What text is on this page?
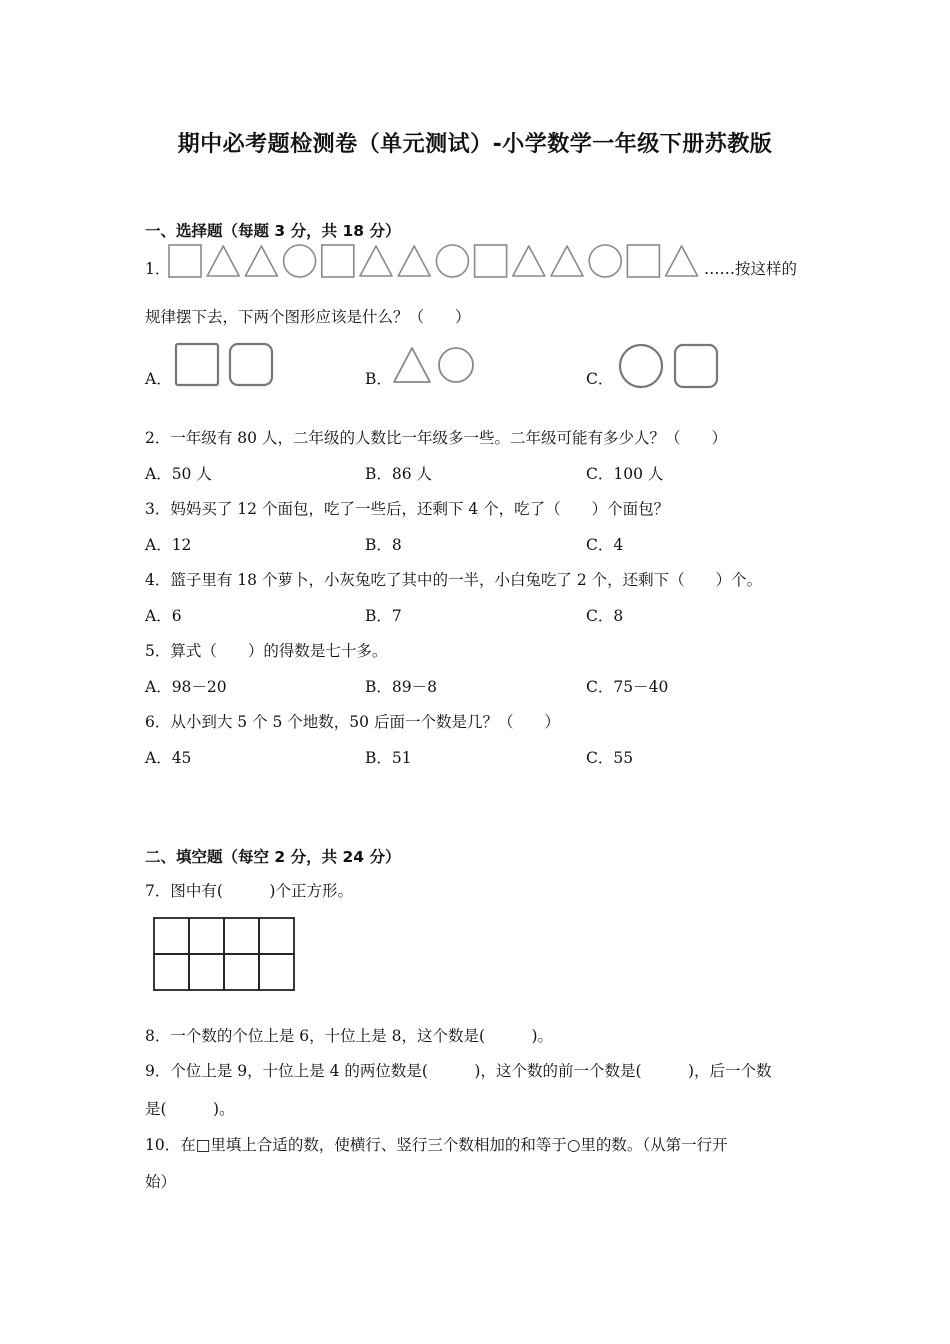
期中必考题检测卷（单元测试）-小学数学一年级下册苏教版
一、选择题（每题 3 分，共 18 分）
1．	……按这样的
规律摆下去，下两个图形应该是什么？（　　）
A．	B．	C．
2．一年级有 80 人，二年级的人数比一年级多一些。二年级可能有多少人？（　　）
A．50 人	B．86 人	C．100 人
3．妈妈买了 12 个面包，吃了一些后，还剩下 4 个，吃了（　　）个面包？
A．12	B．8	C．4
4．篮子里有 18 个萝卜，小灰兔吃了其中的一半，小白兔吃了 2 个，还剩下（　　）个。
A．6	B．7	C．8
5．算式（　　）的得数是七十多。
A．98－20	B．89－8	C．75－40
6．从小到大 5 个 5 个地数，50 后面一个数是几？（　　）
A．45	B．51	C．55
二、填空题（每空 2 分，共 24 分）
7．图中有(　　　)个正方形。
8．一个数的个位上是 6，十位上是 8，这个数是(　　　)。
9．个位上是 9，十位上是 4 的两位数是(　　　)，这个数的前一个数是(　　　)，后一个数
是(　　　)。
10．在□里填上合适的数，使横行、竖行三个数相加的和等于○里的数。（从第一行开
始）
